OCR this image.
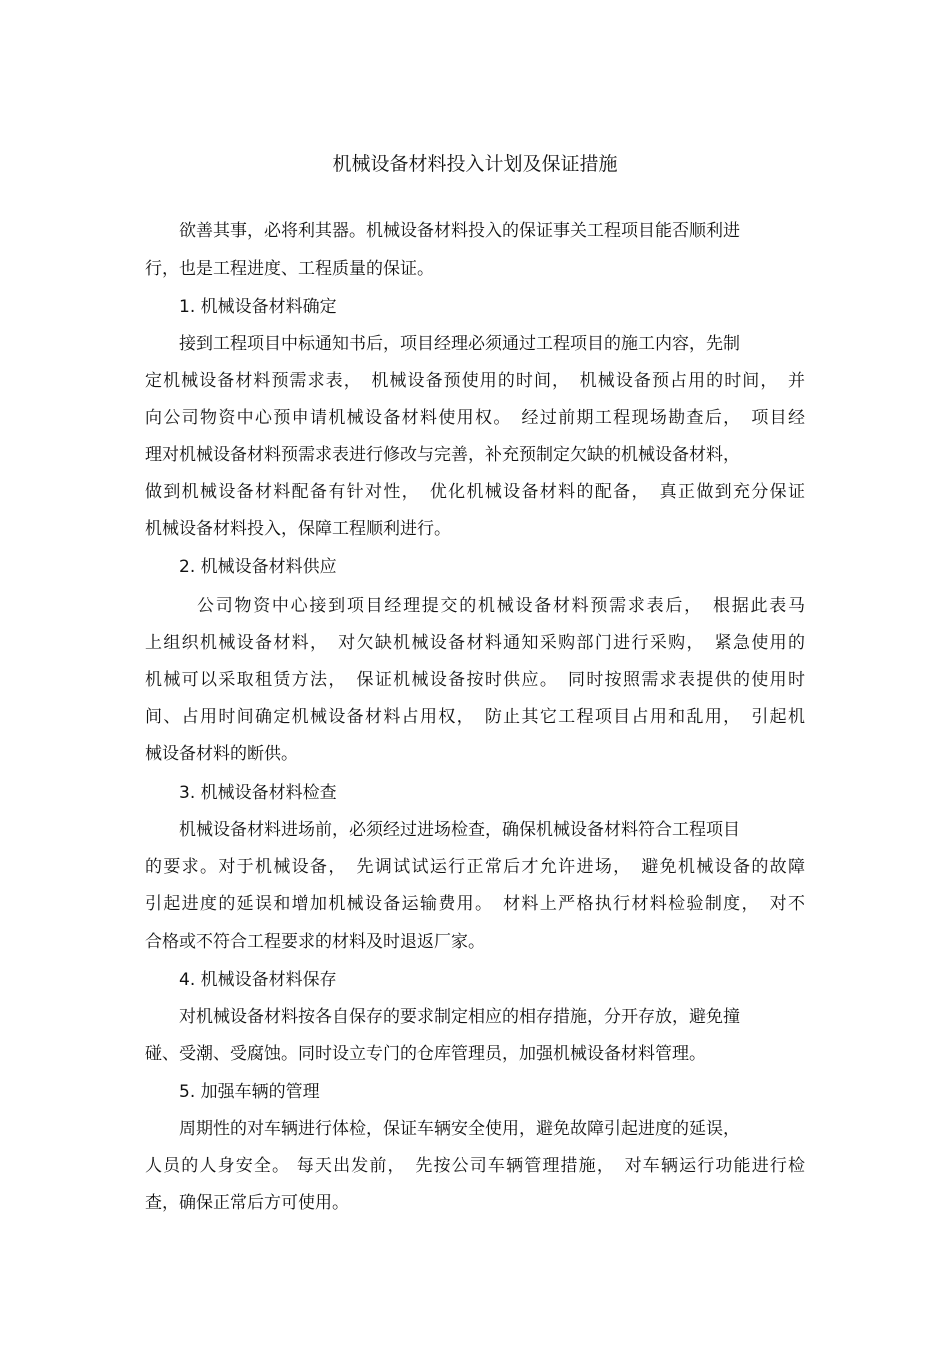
机械设备材料投入计划及保证措施

欲善其事，必将利其器。机械设备材料投入的保证事关工程项目能否顺利进

行，也是工程进度、工程质量的保证。

1. 机械设备材料确定

接到工程项目中标通知书后，项目经理必须通过工程项目的施工内容，先制

定机械设备材料预需求表，　机械设备预使用的时间，　机械设备预占用的时间，　并

向公司物资中心预申请机械设备材料使用权。　经过前期工程现场勘查后，　项目经

理对机械设备材料预需求表进行修改与完善，补充预制定欠缺的机械设备材料，

做到机械设备材料配备有针对性，　优化机械设备材料的配备，　真正做到充分保证

机械设备材料投入，保障工程顺利进行。

2. 机械设备材料供应

公司物资中心接到项目经理提交的机械设备材料预需求表后，　根据此表马

上组织机械设备材料，　对欠缺机械设备材料通知采购部门进行采购，　紧急使用的

机械可以采取租赁方法，　保证机械设备按时供应。　同时按照需求表提供的使用时

间、占用时间确定机械设备材料占用权，　防止其它工程项目占用和乱用，　引起机

械设备材料的断供。

3. 机械设备材料检查

机械设备材料进场前，必须经过进场检查，确保机械设备材料符合工程项目

的要求。对于机械设备，　先调试试运行正常后才允许进场，　避免机械设备的故障

引起进度的延误和增加机械设备运输费用。　材料上严格执行材料检验制度，　对不

合格或不符合工程要求的材料及时退返厂家。

4. 机械设备材料保存

对机械设备材料按各自保存的要求制定相应的相存措施，分开存放，避免撞

碰、受潮、受腐蚀。同时设立专门的仓库管理员，加强机械设备材料管理。

5. 加强车辆的管理

周期性的对车辆进行体检，保证车辆安全使用，避免故障引起进度的延误，

人员的人身安全。 每天出发前，　先按公司车辆管理措施，　对车辆运行功能进行检

查，确保正常后方可使用。
